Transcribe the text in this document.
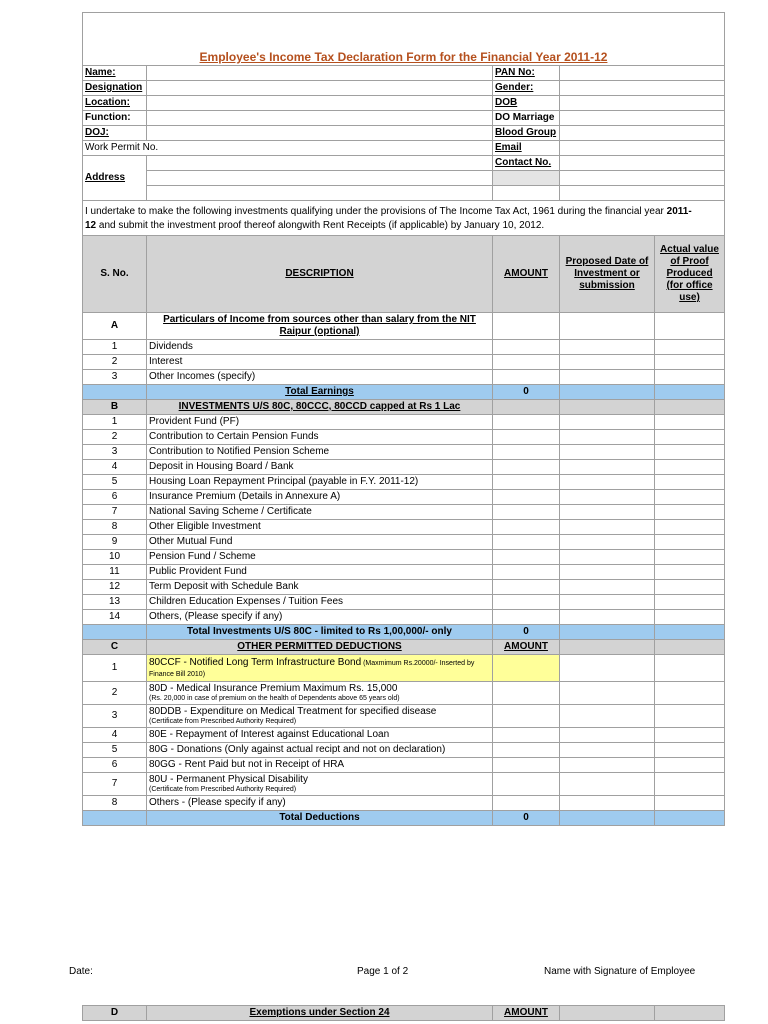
Employee's Income Tax Declaration Form for the Financial Year 2011-12				
Name:		PAN No:		
Designation		Gender:		
Location:		DOB		
Function:		DO Marriage		
DOJ:		Blood Group		
Work Permit No.		Email		
Address		Contact No.		

I undertake to make the following investments qualifying under the provisions of The Income Tax Act, 1961 during the financial year 2011-
12 and submit the investment proof thereof alongwith Rent Receipts (if applicable) by January 10, 2012.				
S. No.	DESCRIPTION	AMOUNT	Proposed Date of Investment or submission	Actual value of Proof Produced (for office use)
A	Particulars of Income from sources other than salary from the NIT Raipur (optional)			
1	Dividends			
2	Interest			
3	Other Incomes (specify)			
	Total Earnings	0		
B	INVESTMENTS U/S 80C, 80CCC, 80CCD capped at Rs 1 Lac			
1	Provident Fund (PF)			
2	Contribution to Certain Pension Funds			
3	Contribution to Notified Pension Scheme			
4	Deposit in Housing Board / Bank			
5	Housing Loan Repayment Principal (payable in F.Y. 2011-12)			
6	Insurance Premium (Details in Annexure A)			
7	National Saving Scheme / Certificate			
8	Other Eligible Investment			
9	Other Mutual Fund			
10	Pension Fund / Scheme			
11	Public Provident Fund			
12	Term Deposit with Schedule Bank			
13	Children Education Expenses / Tuition Fees			
14	Others, (Please specify if any)			
	Total Investments U/S 80C - limited to Rs 1,00,000/- only	0		
C	OTHER PERMITTED DEDUCTIONS	AMOUNT		
1	80CCF - Notified Long Term Infrastructure Bond (Maxmimum Rs.20000/- Inserted by Finance Bill 2010)			
2	80D - Medical Insurance Premium Maximum Rs. 15,000
(Rs. 20,000 in case of premium on the health of Dependents above 65 years old)			

3	80DDB - Expenditure on Medical Treatment for specified disease
(Certificate from Prescribed Authority Required)			

4	80E - Repayment of Interest against Educational Loan			
5	80G - Donations (Only against actual recipt and not on declaration)			
6	80GG - Rent Paid but not in Receipt of HRA			
7	80U - Permanent Physical Disability
(Certificate from Prescribed Authority Required)			

8	Others - (Please specify if any)			
	Total Deductions	0		
Date:	Page 1 of 2	Name with Signature of Employee
D	Exemptions under Section 24	AMOUNT		
